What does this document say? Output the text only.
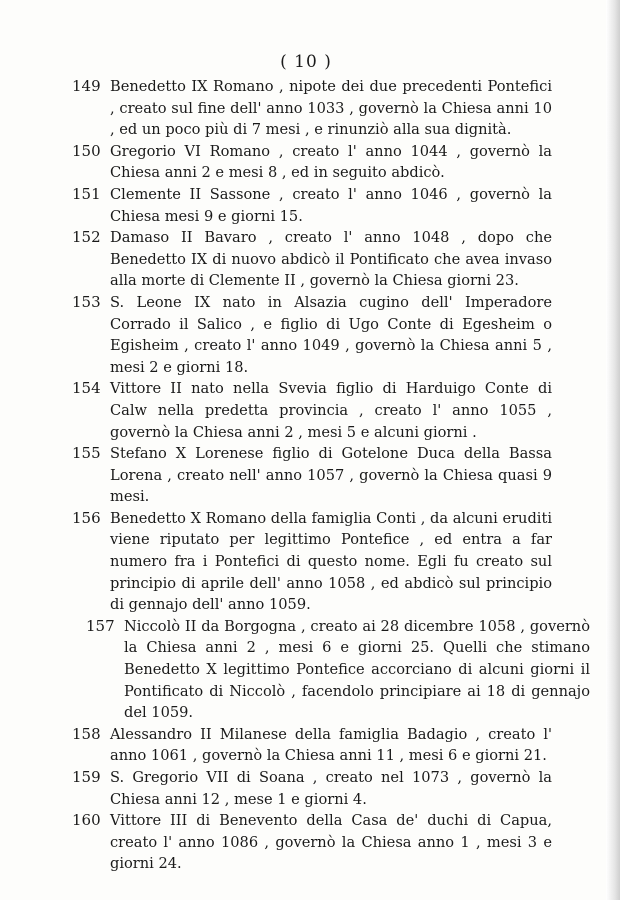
( 10 )

149 Benedetto IX Romano , nipote dei due precedenti Pontefici , creato sul fine dell' anno 1033 , governò la Chiesa anni 10 , ed un poco più di 7 mesi , e rinunziò alla sua dignità.

150 Gregorio VI Romano , creato l' anno 1044 , governò la Chiesa anni 2 e mesi 8 , ed in seguito abdicò.

151 Clemente II Sassone , creato l' anno 1046 , governò la Chiesa mesi 9 e giorni 15.

152 Damaso II Bavaro , creato l' anno 1048 , dopo che Benedetto IX di nuovo abdicò il Pontificato che avea invaso alla morte di Clemente II , governò la Chiesa giorni 23.

153 S. Leone IX nato in Alsazia cugino dell' Imperadore Corrado il Salico , e figlio di Ugo Conte di Egesheim o Egisheim , creato l' anno 1049 , governò la Chiesa anni 5 , mesi 2 e giorni 18.

154 Vittore II nato nella Svevia figlio di Harduigo Conte di Calw nella predetta provincia , creato l' anno 1055 , governò la Chiesa anni 2 , mesi 5 e alcuni giorni .

155 Stefano X Lorenese figlio di Gotelone Duca della Bassa Lorena , creato nell' anno 1057 , governò la Chiesa quasi 9 mesi.

156 Benedetto X Romano della famiglia Conti , da alcuni eruditi viene riputato per legittimo Pontefice , ed entra a far numero fra i Pontefici di questo nome. Egli fu creato sul principio di aprile dell' anno 1058 , ed abdicò sul principio di gennajo dell' anno 1059.

157 Niccolò II da Borgogna , creato ai 28 dicembre 1058 , governò la Chiesa anni 2 , mesi 6 e giorni 25. Quelli che stimano Benedetto X legittimo Pontefice accorciano di alcuni giorni il Pontificato di Niccolò , facendolo principiare ai 18 di gennajo del 1059.

158 Alessandro II Milanese della famiglia Badagio , creato l' anno 1061 , governò la Chiesa anni 11 , mesi 6 e giorni 21.

159 S. Gregorio VII di Soana , creato nel 1073 , governò la Chiesa anni 12 , mese 1 e giorni 4.

160 Vittore III di Benevento della Casa de' duchi di Capua, creato l' anno 1086 , governò la Chiesa anno 1 , mesi 3 e giorni 24.
